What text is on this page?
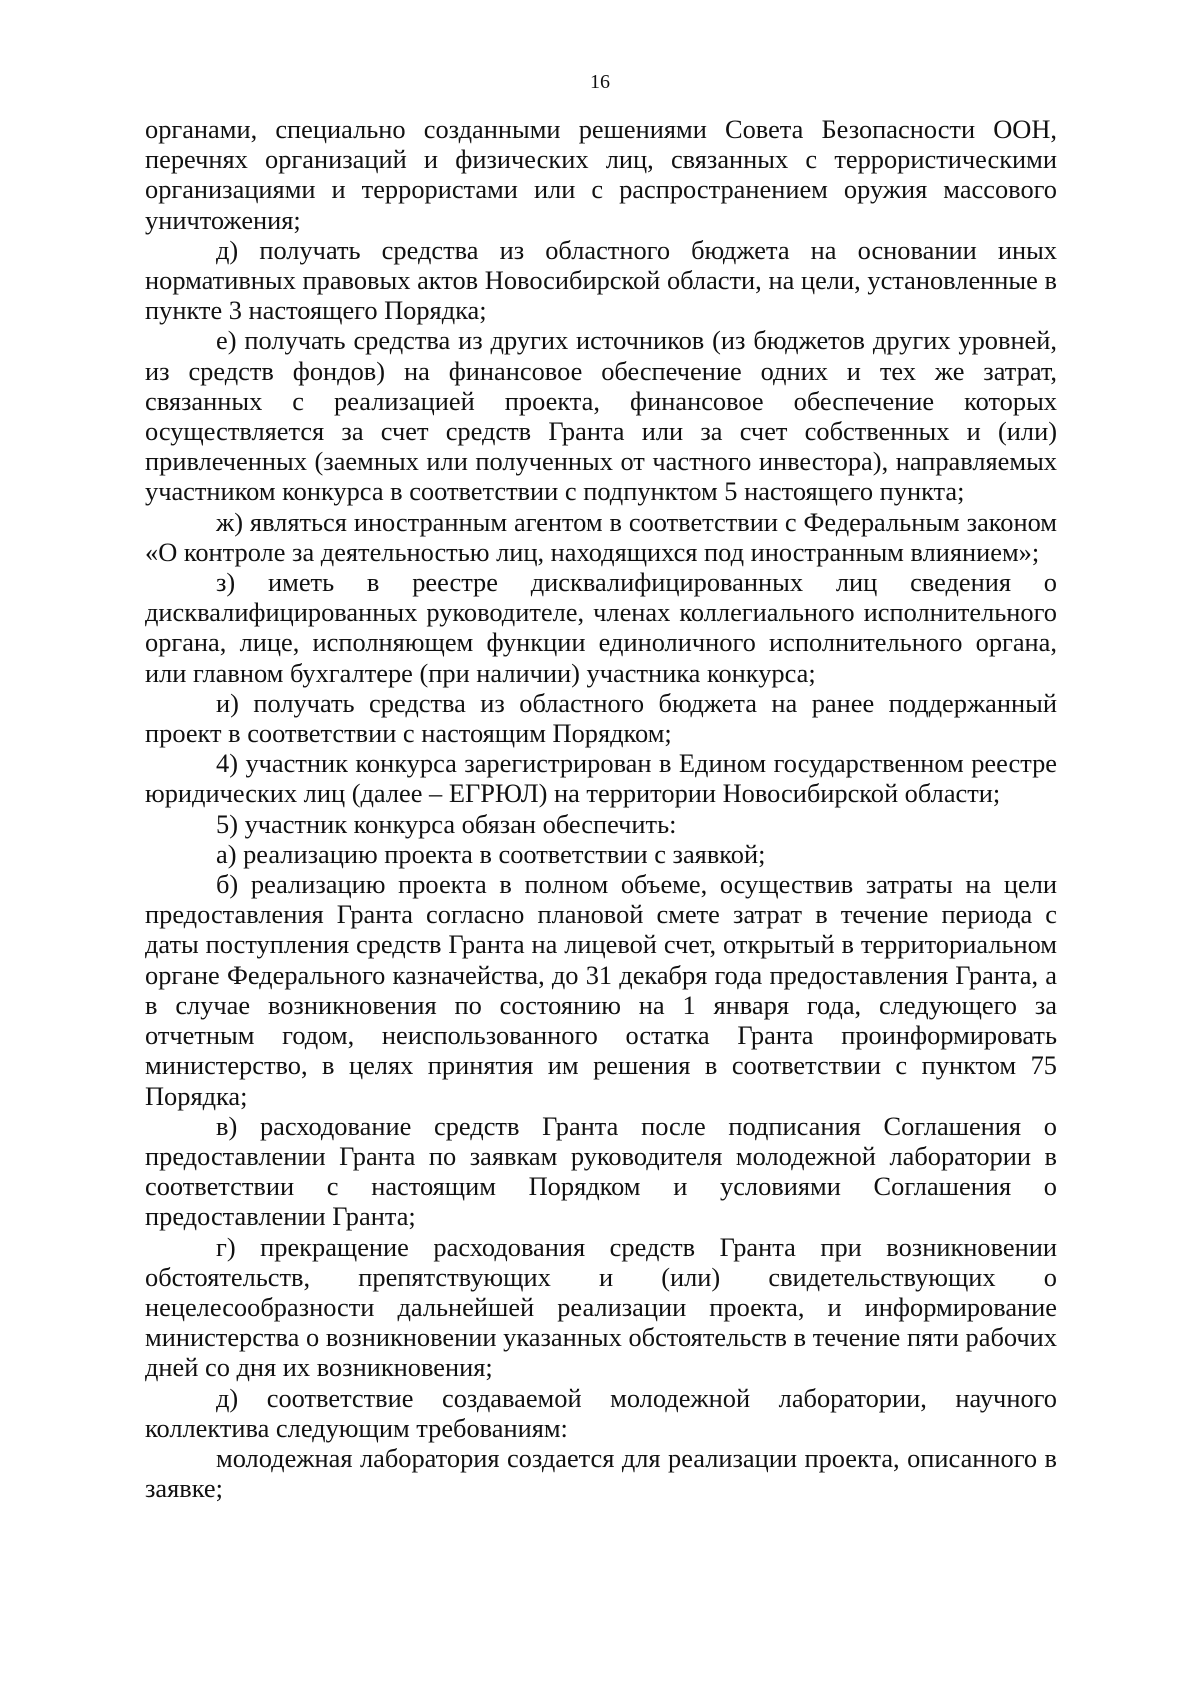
16

органами, специально созданными решениями Совета Безопасности ООН, перечнях организаций и физических лиц, связанных с террористическими организациями и террористами или с распространением оружия массового уничтожения;

д) получать средства из областного бюджета на основании иных нормативных правовых актов Новосибирской области, на цели, установленные в пункте 3 настоящего Порядка;

е) получать средства из других источников (из бюджетов других уровней, из средств фондов) на финансовое обеспечение одних и тех же затрат, связанных с реализацией проекта, финансовое обеспечение которых осуществляется за счет средств Гранта или за счет собственных и (или) привлеченных (заемных или полученных от частного инвестора), направляемых участником конкурса в соответствии с подпунктом 5 настоящего пункта;

ж) являться иностранным агентом в соответствии с Федеральным законом «О контроле за деятельностью лиц, находящихся под иностранным влиянием»;

з) иметь в реестре дисквалифицированных лиц сведения о дисквалифицированных руководителе, членах коллегиального исполнительного органа, лице, исполняющем функции единоличного исполнительного органа, или главном бухгалтере (при наличии) участника конкурса;

и) получать средства из областного бюджета на ранее поддержанный проект в соответствии с настоящим Порядком;

4) участник конкурса зарегистрирован в Едином государственном реестре юридических лиц (далее – ЕГРЮЛ) на территории Новосибирской области;

5) участник конкурса обязан обеспечить:

а) реализацию проекта в соответствии с заявкой;

б) реализацию проекта в полном объеме, осуществив затраты на цели предоставления Гранта согласно плановой смете затрат в течение периода с даты поступления средств Гранта на лицевой счет, открытый в территориальном органе Федерального казначейства, до 31 декабря года предоставления Гранта, а в случае возникновения по состоянию на 1 января года, следующего за отчетным годом, неиспользованного остатка Гранта проинформировать министерство, в целях принятия им решения в соответствии с пунктом 75 Порядка;

в) расходование средств Гранта после подписания Соглашения о предоставлении Гранта по заявкам руководителя молодежной лаборатории в соответствии с настоящим Порядком и условиями Соглашения о предоставлении Гранта;

г) прекращение расходования средств Гранта при возникновении обстоятельств, препятствующих и (или) свидетельствующих о нецелесообразности дальнейшей реализации проекта, и информирование министерства о возникновении указанных обстоятельств в течение пяти рабочих дней со дня их возникновения;

д) соответствие создаваемой молодежной лаборатории, научного коллектива следующим требованиям:

молодежная лаборатория создается для реализации проекта, описанного в заявке;
